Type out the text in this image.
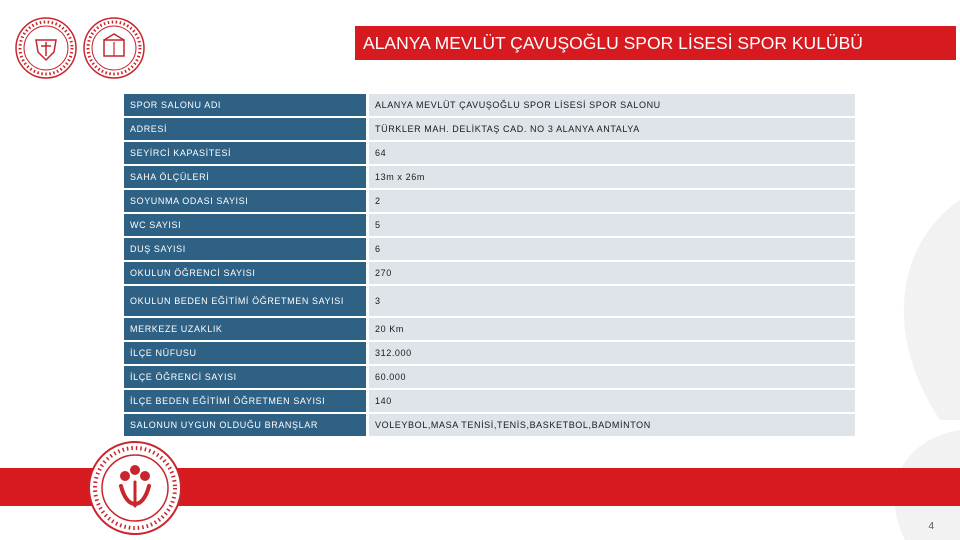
ALANYA MEVLÜT ÇAVUŞOĞLU SPOR LİSESİ SPOR KULÜBÜ
SPOR SALONU ADI	ALANYA MEVLÜT ÇAVUŞOĞLU SPOR LİSESİ SPOR SALONU
ADRESİ	TÜRKLER MAH. DELİKTAŞ CAD. NO 3 ALANYA ANTALYA
SEYİRCİ KAPASİTESİ	64
SAHA ÖLÇÜLERİ	13m x 26m
SOYUNMA ODASI SAYISI	2
WC SAYISI	5
DUŞ SAYISI	6
OKULUN ÖĞRENCİ SAYISI	270
OKULUN BEDEN EĞİTİMİ ÖĞRETMEN SAYISI	3
MERKEZE UZAKLIK	20 Km
İLÇE NÜFUSU	312.000
İLÇE ÖĞRENCİ SAYISI	60.000
İLÇE BEDEN EĞİTİMİ ÖĞRETMEN SAYISI	140
SALONUN UYGUN OLDUĞU BRANŞLAR	VOLEYBOL,MASA TENİSİ,TENİS,BASKETBOL,BADMİNTON
4
